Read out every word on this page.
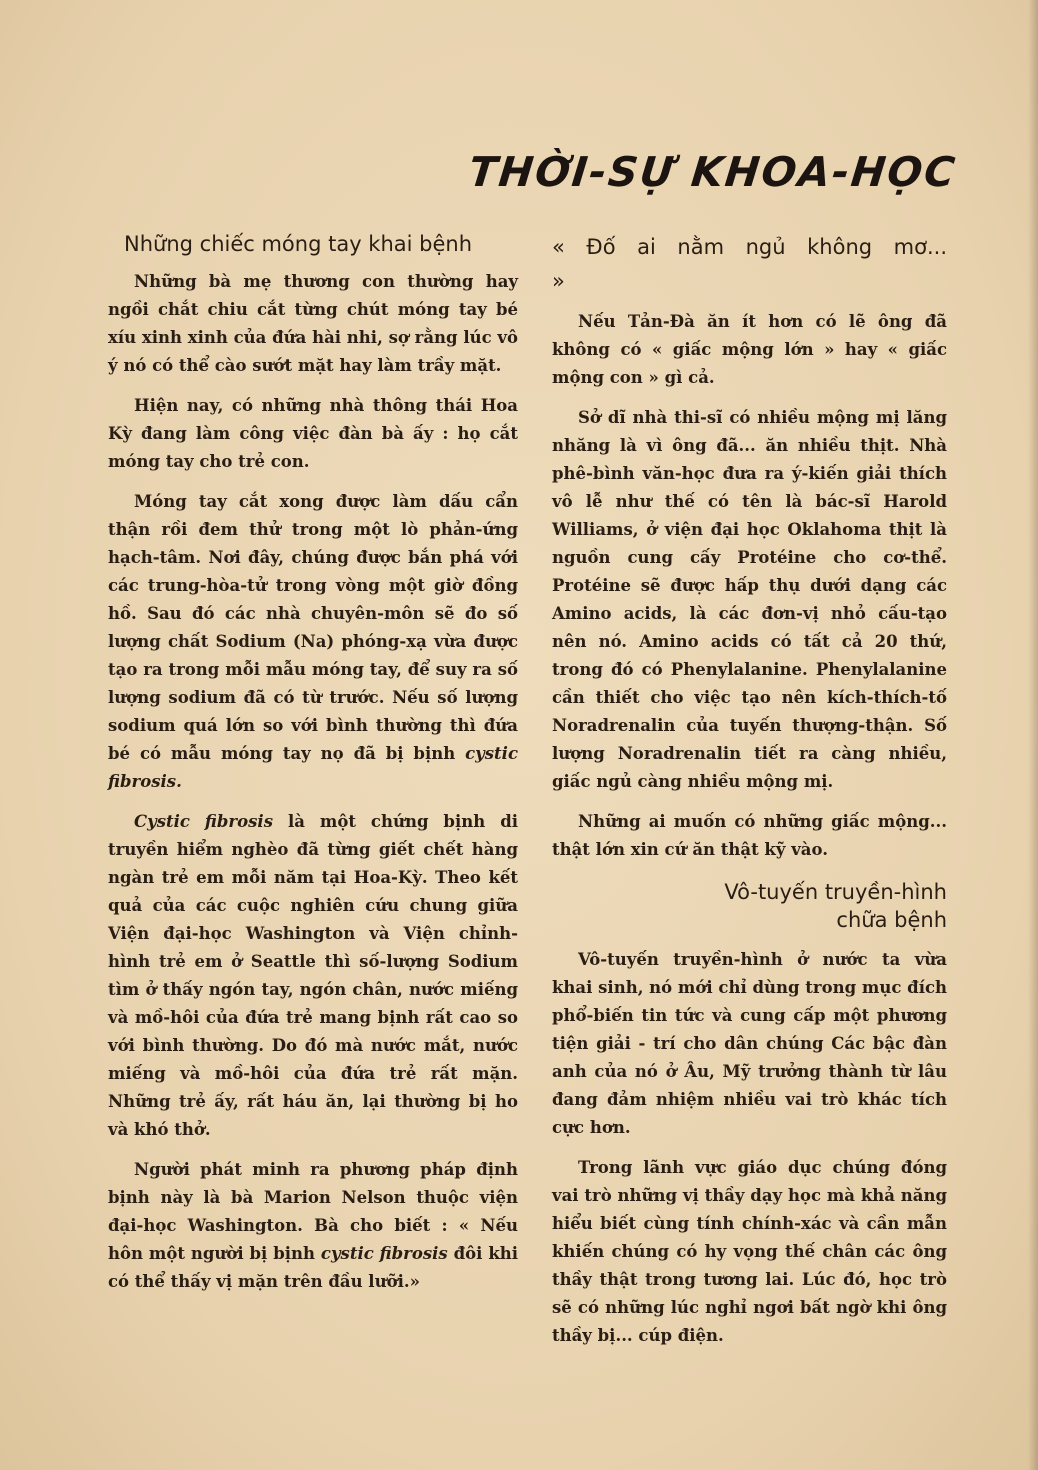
THỜI-SỰ KHOA-HỌC
Những chiếc móng tay khai bệnh

Những bà mẹ thương con thường hay ngồi chắt chiu cắt từng chút móng tay bé xíu xinh xinh của đứa hài nhi, sợ rằng lúc vô ý nó có thể cào sướt mặt hay làm trầy mặt.

Hiện nay, có những nhà thông thái Hoa Kỳ đang làm công việc đàn bà ấy : họ cắt móng tay cho trẻ con.

Móng tay cắt xong được làm dấu cẩn thận rồi đem thử trong một lò phản-ứng hạch-tâm. Nơi đây, chúng được bắn phá với các trung-hòa-tử trong vòng một giờ đồng hồ. Sau đó các nhà chuyên-môn sẽ đo số lượng chất Sodium (Na) phóng-xạ vừa được tạo ra trong mỗi mẫu móng tay, để suy ra số lượng sodium đã có từ trước. Nếu số lượng sodium quá lớn so với bình thường thì đứa bé có mẫu móng tay nọ đã bị bịnh cystic fibrosis.

Cystic fibrosis là một chứng bịnh di truyền hiểm nghèo đã từng giết chết hàng ngàn trẻ em mỗi năm tại Hoa-Kỳ. Theo kết quả của các cuộc nghiên cứu chung giữa Viện đại-học Washington và Viện chỉnh-hình trẻ em ở Seattle thì số-lượng Sodium tìm ở thấy ngón tay, ngón chân, nước miếng và mồ-hôi của đứa trẻ mang bịnh rất cao so với bình thường. Do đó mà nước mắt, nước miếng và mồ-hôi của đứa trẻ rất mặn. Những trẻ ấy, rất háu ăn, lại thường bị ho và khó thở.

Người phát minh ra phương pháp định bịnh này là bà Marion Nelson thuộc viện đại-học Washington. Bà cho biết : « Nếu hôn một người bị bịnh cystic fibrosis đôi khi có thể thấy vị mặn trên đầu lưỡi.»

« Đố ai nằm ngủ không mơ... »

Nếu Tản-Đà ăn ít hơn có lẽ ông đã không có « giấc mộng lớn » hay « giấc mộng con » gì cả.

Sở dĩ nhà thi-sĩ có nhiều mộng mị lăng nhăng là vì ông đã... ăn nhiều thịt. Nhà phê-bình văn-học đưa ra ý-kiến giải thích vô lễ như thế có tên là bác-sĩ Harold Williams, ở viện đại học Oklahoma thịt là nguồn cung cấy Protéine cho cơ-thể. Protéine sẽ được hấp thụ dưới dạng các Amino acids, là các đơn-vị nhỏ cấu-tạo nên nó. Amino acids có tất cả 20 thứ, trong đó có Phenylalanine. Phenylalanine cần thiết cho việc tạo nên kích-thích-tố Noradrenalin của tuyến thượng-thận. Số lượng Noradrenalin tiết ra càng nhiều, giấc ngủ càng nhiều mộng mị.

Những ai muốn có những giấc mộng... thật lớn xin cứ ăn thật kỹ vào.

Vô-tuyến truyền-hình
chữa bệnh

Vô-tuyến truyền-hình ở nước ta vừa khai sinh, nó mới chỉ dùng trong mục đích phổ-biến tin tức và cung cấp một phương tiện giải - trí cho dân chúng Các bậc đàn anh của nó ở Âu, Mỹ trưởng thành từ lâu đang đảm nhiệm nhiều vai trò khác tích cực hơn.

Trong lãnh vực giáo dục chúng đóng vai trò những vị thầy dạy học mà khả năng hiểu biết cùng tính chính-xác và cần mẫn khiến chúng có hy vọng thế chân các ông thầy thật trong tương lai. Lúc đó, học trò sẽ có những lúc nghỉ ngơi bất ngờ khi ông thầy bị... cúp điện.
